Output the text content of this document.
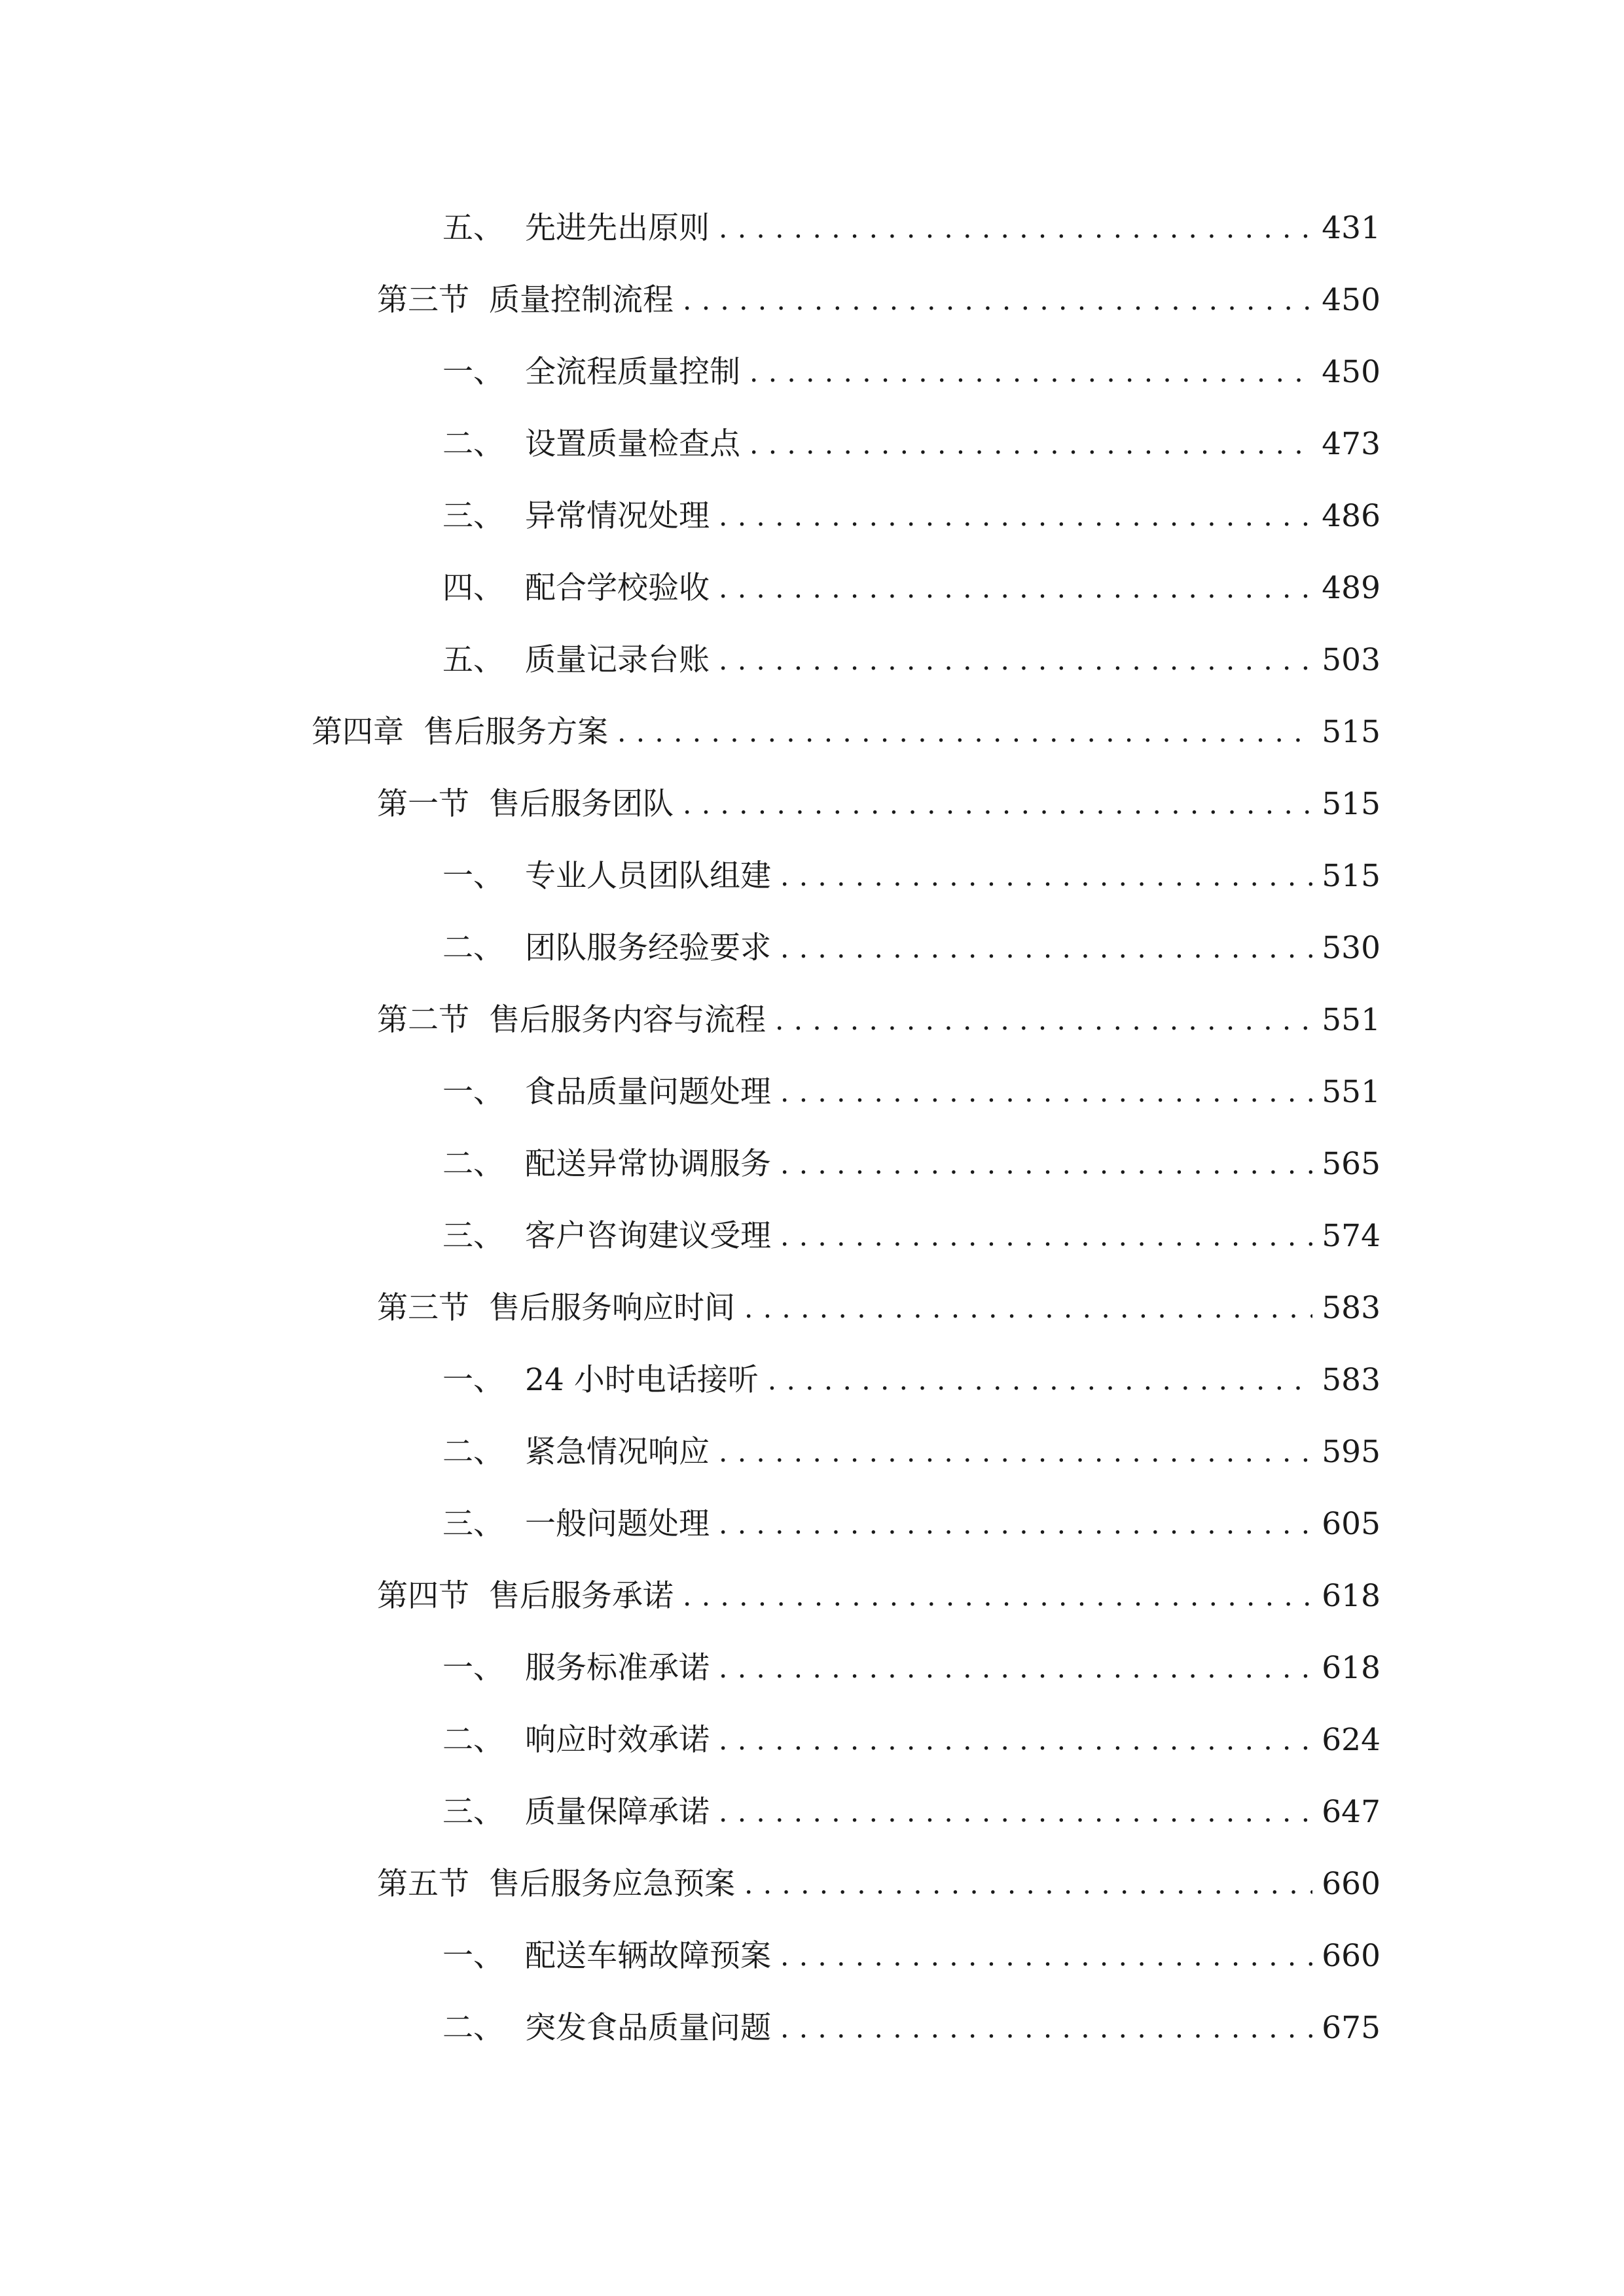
五、 先进先出原则 . . .	431
第三节 质量控制流程 . . .	450
一、 全流程质量控制 . . .	450
二、 设置质量检查点 . . .	473
三、 异常情况处理 . . .	486
四、 配合学校验收 . . .	489
五、 质量记录台账 . . .	503
第四章 售后服务方案 . . .	515
第一节 售后服务团队 . . .	515
一、 专业人员团队组建 . . .	515
二、 团队服务经验要求 . . .	530
第二节 售后服务内容与流程 . . .	551
一、 食品质量问题处理 . . .	551
二、 配送异常协调服务 . . .	565
三、 客户咨询建议受理 . . .	574
第三节 售后服务响应时间 . . .	583
一、 24 小时电话接听 . . .	583
二、 紧急情况响应 . . .	595
三、 一般问题处理 . . .	605
第四节 售后服务承诺 . . .	618
一、 服务标准承诺 . . .	618
二、 响应时效承诺 . . .	624
三、 质量保障承诺 . . .	647
第五节 售后服务应急预案 . . .	660
一、 配送车辆故障预案 . . .	660
二、 突发食品质量问题 . . .	675
